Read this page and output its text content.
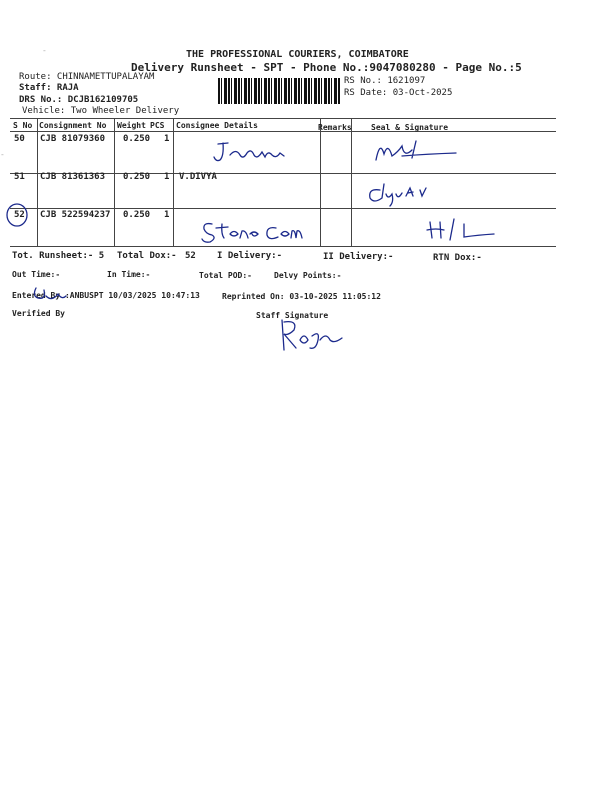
-
-
THE PROFESSIONAL COURIERS, COIMBATORE
Delivery Runsheet - SPT - Phone No.:9047080280 - Page No.:5
Route: CHINNAMETTUPALAYAM
Staff: RAJA
DRS No.: DCJB162109705
Vehicle: Two Wheeler Delivery
RS No.: 1621097
RS Date: 03-Oct-2025
S No Consignment No Weight PCS Consignee Details	Remarks Seal & Signature
50 CJB 81079360 0.250 1
51 CJB 81361363 0.250 1 V.DIVYA
52 CJB 522594237 0.250 1
Tot. Runsheet:- 5 Total Dox:- 52 I Delivery:-	II Delivery:-	RTN Dox:-
Out Time:-	In Time:-	Total POD:-	Delvy Points:-
Entered By :ANBUSPT 10/03/2025 10:47:13	Reprinted On: 03-10-2025 11:05:12
Verified By	Staff Signature
